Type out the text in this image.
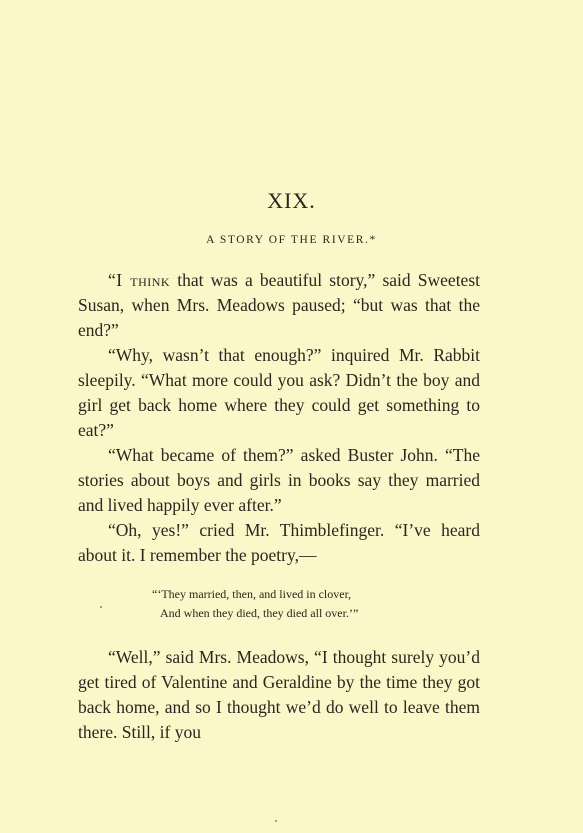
XIX.
A STORY OF THE RIVER.*

“I think that was a beautiful story,” said Sweetest Susan, when Mrs. Meadows paused; “but was that the end?”

“Why, wasn’t that enough?” inquired Mr. Rabbit sleepily. “What more could you ask? Didn’t the boy and girl get back home where they could get something to eat?”

“What became of them?” asked Buster John. “The stories about boys and girls in books say they married and lived happily ever after.”

“Oh, yes!” cried Mr. Thimblefinger. “I’ve heard about it. I remember the poetry,—

“‘They married, then, and lived in clover,
And when they died, they died all over.’”

“Well,” said Mrs. Meadows, “I thought surely you’d get tired of Valentine and Geraldine by the time they got back home, and so I thought we’d do well to leave them there. Still, if you
